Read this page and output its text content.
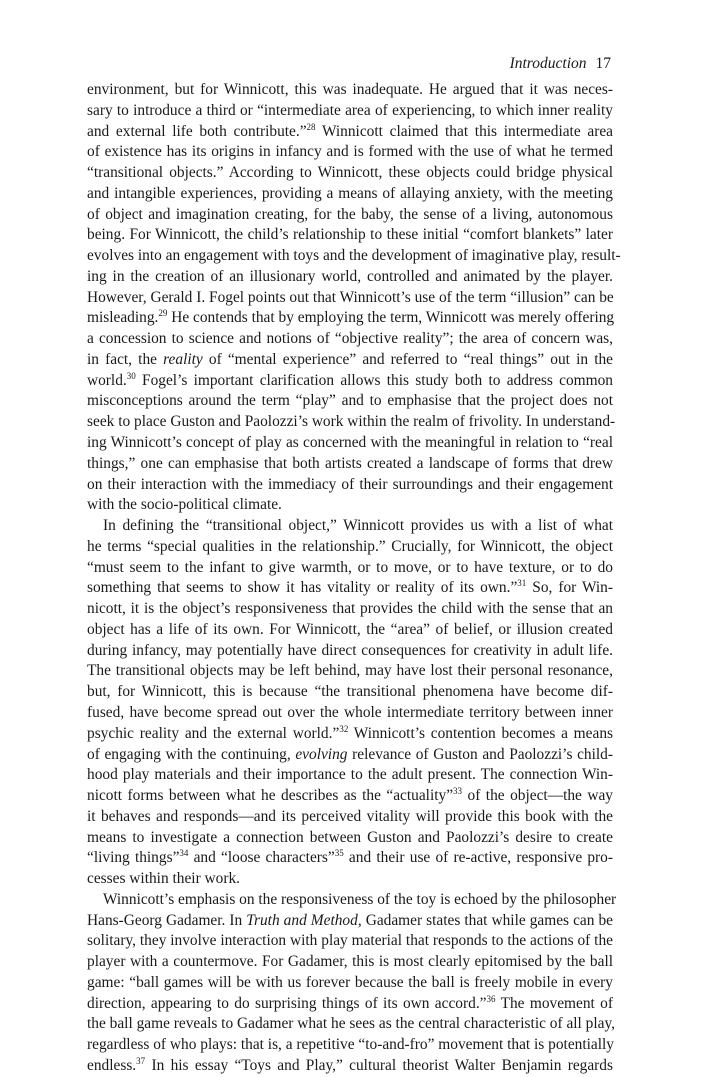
Introduction 17
environment, but for Winnicott, this was inadequate. He argued that it was neces-
sary to introduce a third or “intermediate area of experiencing, to which inner reality
and external life both contribute.”$^{28}$ Winnicott claimed that this intermediate area
of existence has its origins in infancy and is formed with the use of what he termed
“transitional objects.” According to Winnicott, these objects could bridge physical
and intangible experiences, providing a means of allaying anxiety, with the meeting
of object and imagination creating, for the baby, the sense of a living, autonomous
being. For Winnicott, the child’s relationship to these initial “comfort blankets” later
evolves into an engagement with toys and the development of imaginative play, result-
ing in the creation of an illusionary world, controlled and animated by the player.
However, Gerald I. Fogel points out that Winnicott’s use of the term “illusion” can be
misleading.$^{29}$ He contends that by employing the term, Winnicott was merely offering
a concession to science and notions of “objective reality”; the area of concern was,
in fact, the reality of “mental experience” and referred to “real things” out in the
world.$^{30}$ Fogel’s important clarification allows this study both to address common
misconceptions around the term “play” and to emphasise that the project does not
seek to place Guston and Paolozzi’s work within the realm of frivolity. In understand-
ing Winnicott’s concept of play as concerned with the meaningful in relation to “real
things,” one can emphasise that both artists created a landscape of forms that drew
on their interaction with the immediacy of their surroundings and their engagement
with the socio-political climate.
In defining the “transitional object,” Winnicott provides us with a list of what
he terms “special qualities in the relationship.” Crucially, for Winnicott, the object
“must seem to the infant to give warmth, or to move, or to have texture, or to do
something that seems to show it has vitality or reality of its own.”$^{31}$ So, for Win-
nicott, it is the object’s responsiveness that provides the child with the sense that an
object has a life of its own. For Winnicott, the “area” of belief, or illusion created
during infancy, may potentially have direct consequences for creativity in adult life.
The transitional objects may be left behind, may have lost their personal resonance,
but, for Winnicott, this is because “the transitional phenomena have become dif-
fused, have become spread out over the whole intermediate territory between inner
psychic reality and the external world.”$^{32}$ Winnicott’s contention becomes a means
of engaging with the continuing, evolving relevance of Guston and Paolozzi’s child-
hood play materials and their importance to the adult present. The connection Win-
nicott forms between what he describes as the “actuality”$^{33}$ of the object—the way
it behaves and responds—and its perceived vitality will provide this book with the
means to investigate a connection between Guston and Paolozzi’s desire to create
“living things”$^{34}$ and “loose characters”$^{35}$ and their use of re-active, responsive pro-
cesses within their work.
Winnicott’s emphasis on the responsiveness of the toy is echoed by the philosopher
Hans-Georg Gadamer. In Truth and Method, Gadamer states that while games can be
solitary, they involve interaction with play material that responds to the actions of the
player with a countermove. For Gadamer, this is most clearly epitomised by the ball
game: “ball games will be with us forever because the ball is freely mobile in every
direction, appearing to do surprising things of its own accord.”$^{36}$ The movement of
the ball game reveals to Gadamer what he sees as the central characteristic of all play,
regardless of who plays: that is, a repetitive “to-and-fro” movement that is potentially
endless.$^{37}$ In his essay “Toys and Play,” cultural theorist Walter Benjamin regards
